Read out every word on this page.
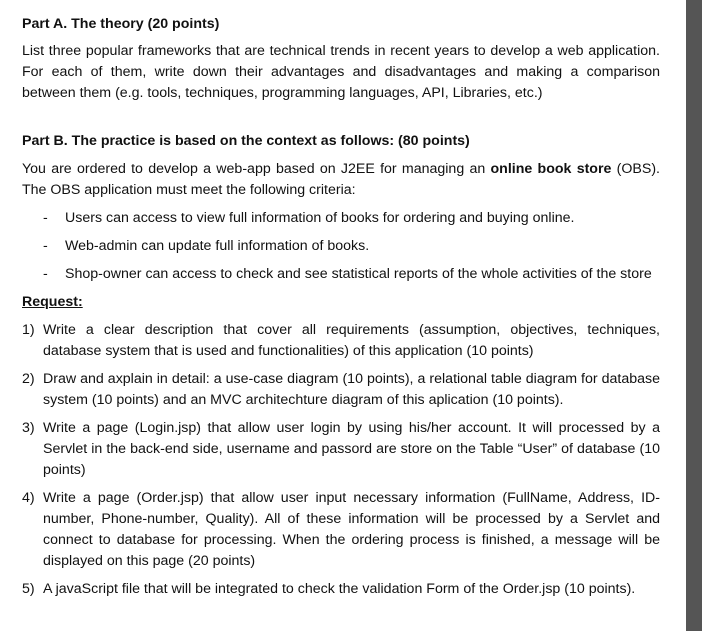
Part A. The theory (20 points)

List three popular frameworks that are technical trends in recent years to develop a web application. For each of them, write down their advantages and disadvantages and making a comparison between them (e.g. tools, techniques, programming languages, API, Libraries, etc.)

Part B. The practice is based on the context as follows: (80 points)

You are ordered to develop a web-app based on J2EE for managing an online book store (OBS). The OBS application must meet the following criteria:

- Users can access to view full information of books for ordering and buying online.
- Web-admin can update full information of books.
- Shop-owner can access to check and see statistical reports of the whole activities of the store
Request:
1) Write a clear description that cover all requirements (assumption, objectives, techniques, database system that is used and functionalities) of this application (10 points)
2) Draw and axplain in detail: a use-case diagram (10 points), a relational table diagram for database system (10 points) and an MVC architechture diagram of this aplication (10 points).
3) Write a page (Login.jsp) that allow user login by using his/her account. It will processed by a Servlet in the back-end side, username and passord are store on the Table “User” of database (10 points)
4) Write a page (Order.jsp) that allow user input necessary information (FullName, Address, ID-number, Phone-number, Quality). All of these information will be processed by a Servlet and connect to database for processing. When the ordering process is finished, a message will be displayed on this page (20 points)
5) A javaScript file that will be integrated to check the validation Form of the Order.jsp (10 points).
